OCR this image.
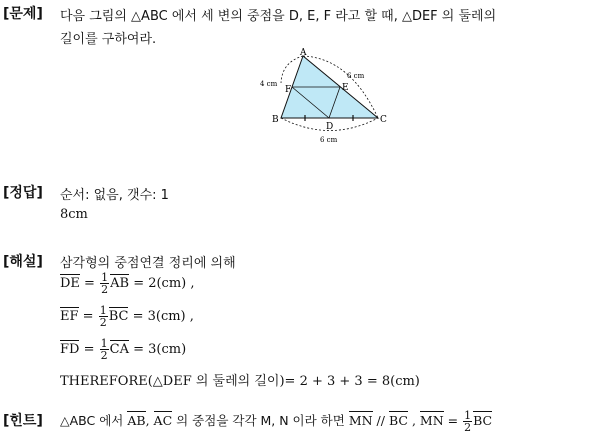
[문제] 다음 그림의 △ABC 에서 세 변의 중점을 D, E, F 라고 할 때, △DEF 의 둘레의
길이를 구하여라.
A
B	C
D
E
F
4 cm
6 cm
6 cm
[정답] 순서: 없음, 갯수: 1
8cm
[해설] 삼각형의 중점연결 정리에 의해
DE = $\frac{1}{2}$ AB = 2(cm) ,
EF = $\frac{1}{2}$ BC = 3(cm) ,
FD = $\frac{1}{2}$ CA = 3(cm)
THEREFORE(△DEF 의 둘레의 길이)= 2 + 3 + 3 = 8(cm)
[힌트] △ABC 에서 AB, AC 의 중점을 각각 M, N 이라 하면 MN // BC , MN = $\frac{1}{2}$ BC
